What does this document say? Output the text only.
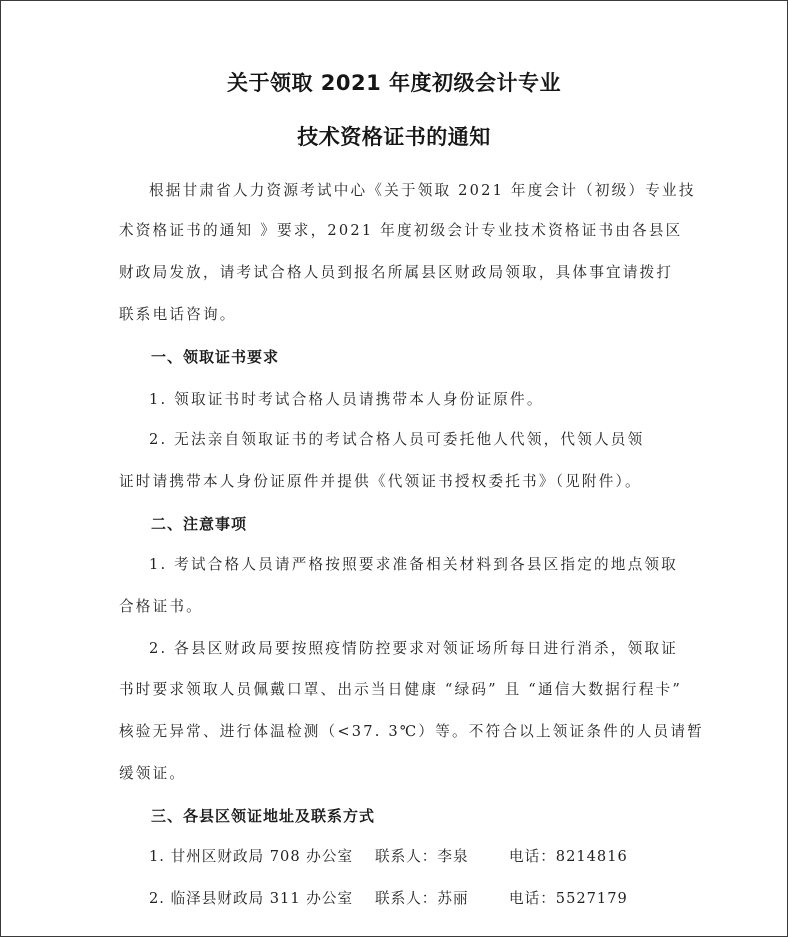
关于领取 2021 年度初级会计专业
技术资格证书的通知
根据甘肃省人力资源考试中心《关于领取 2021 年度会计（初级）专业技
术资格证书的通知 》要求，2021 年度初级会计专业技术资格证书由各县区
财政局发放，请考试合格人员到报名所属县区财政局领取，具体事宜请拨打
联系电话咨询。
一、领取证书要求
1. 领取证书时考试合格人员请携带本人身份证原件。
2. 无法亲自领取证书的考试合格人员可委托他人代领，代领人员领
证时请携带本人身份证原件并提供《代领证书授权委托书》（见附件）。
二、注意事项
1. 考试合格人员请严格按照要求准备相关材料到各县区指定的地点领取
合格证书。
2. 各县区财政局要按照疫情防控要求对领证场所每日进行消杀，领取证
书时要求领取人员佩戴口罩、出示当日健康 “绿码” 且 “通信大数据行程卡”
核验无异常、进行体温检测（<37. 3℃）等。不符合以上领证条件的人员请暂
缓领证。
三、各县区领证地址及联系方式
1. 甘州区财政局 708 办公室 联系人：李泉	电话：8214816
2. 临泽县财政局 311 办公室 联系人：苏丽	电话：5527179
